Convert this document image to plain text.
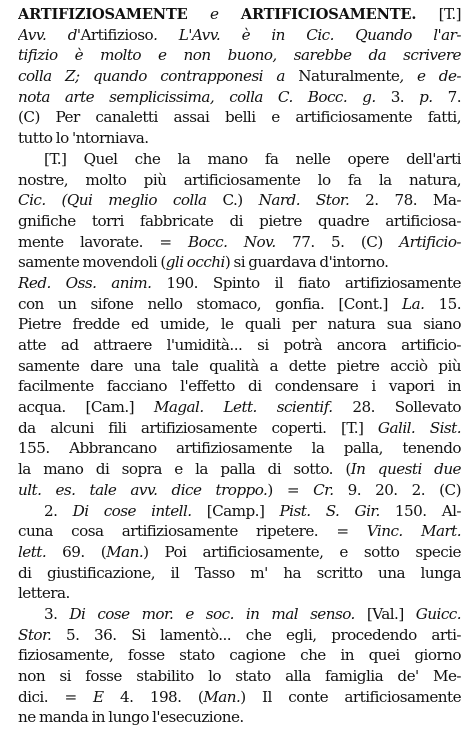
ARTIFIZIOSAMENTE e ARTIFICIOSAMENTE. [T.]
Avv. d'Artifizioso. L'Avv. è in Cic. Quando l'ar-
tifizio è molto e non buono, sarebbe da scrivere
colla Z; quando contrapponesi a Naturalmente, e de-
nota arte semplicissima, colla C. Bocc. g. 3. p. 7.
(C) Per canaletti assai belli e artificiosamente fatti,
tutto lo 'ntorniava.
[T.] Quel che la mano fa nelle opere dell'arti
nostre, molto più artificiosamente lo fa la natura,
Cic. (Qui meglio colla C.) Nard. Stor. 2. 78. Ma-
gnifiche torri fabbricate di pietre quadre artificiosa-
mente lavorate. = Bocc. Nov. 77. 5. (C) Artificio-
samente movendoli (gli occhi) si guardava d'intorno.
Red. Oss. anim. 190. Spinto il fiato artifiziosamente
con un sifone nello stomaco, gonfia. [Cont.] La. 15.
Pietre fredde ed umide, le quali per natura sua siano
atte ad attraere l'umidità... si potrà ancora artificio-
samente dare una tale qualità a dette pietre acciò più
facilmente facciano l'effetto di condensare i vapori in
acqua. [Cam.] Magal. Lett. scientif. 28. Sollevato
da alcuni fili artifiziosamente coperti. [T.] Galil. Sist.
155. Abbrancano artifiziosamente la palla, tenendo
la mano di sopra e la palla di sotto. (In questi due
ult. es. tale avv. dice troppo.) = Cr. 9. 20. 2. (C)
2. Di cose intell. [Camp.] Pist. S. Gir. 150. Al-
cuna cosa artifiziosamente ripetere. = Vinc. Mart.
lett. 69. (Man.) Poi artificiosamente, e sotto specie
di giustificazione, il Tasso m' ha scritto una lunga
lettera.
3. Di cose mor. e soc. in mal senso. [Val.] Guicc.
Stor. 5. 36. Si lamentò... che egli, procedendo arti-
fiziosamente, fosse stato cagione che in quei giorno
non si fosse stabilito lo stato alla famiglia de' Me-
dici. = E 4. 198. (Man.) Il conte artificiosamente
ne manda in lungo l'esecuzione.
